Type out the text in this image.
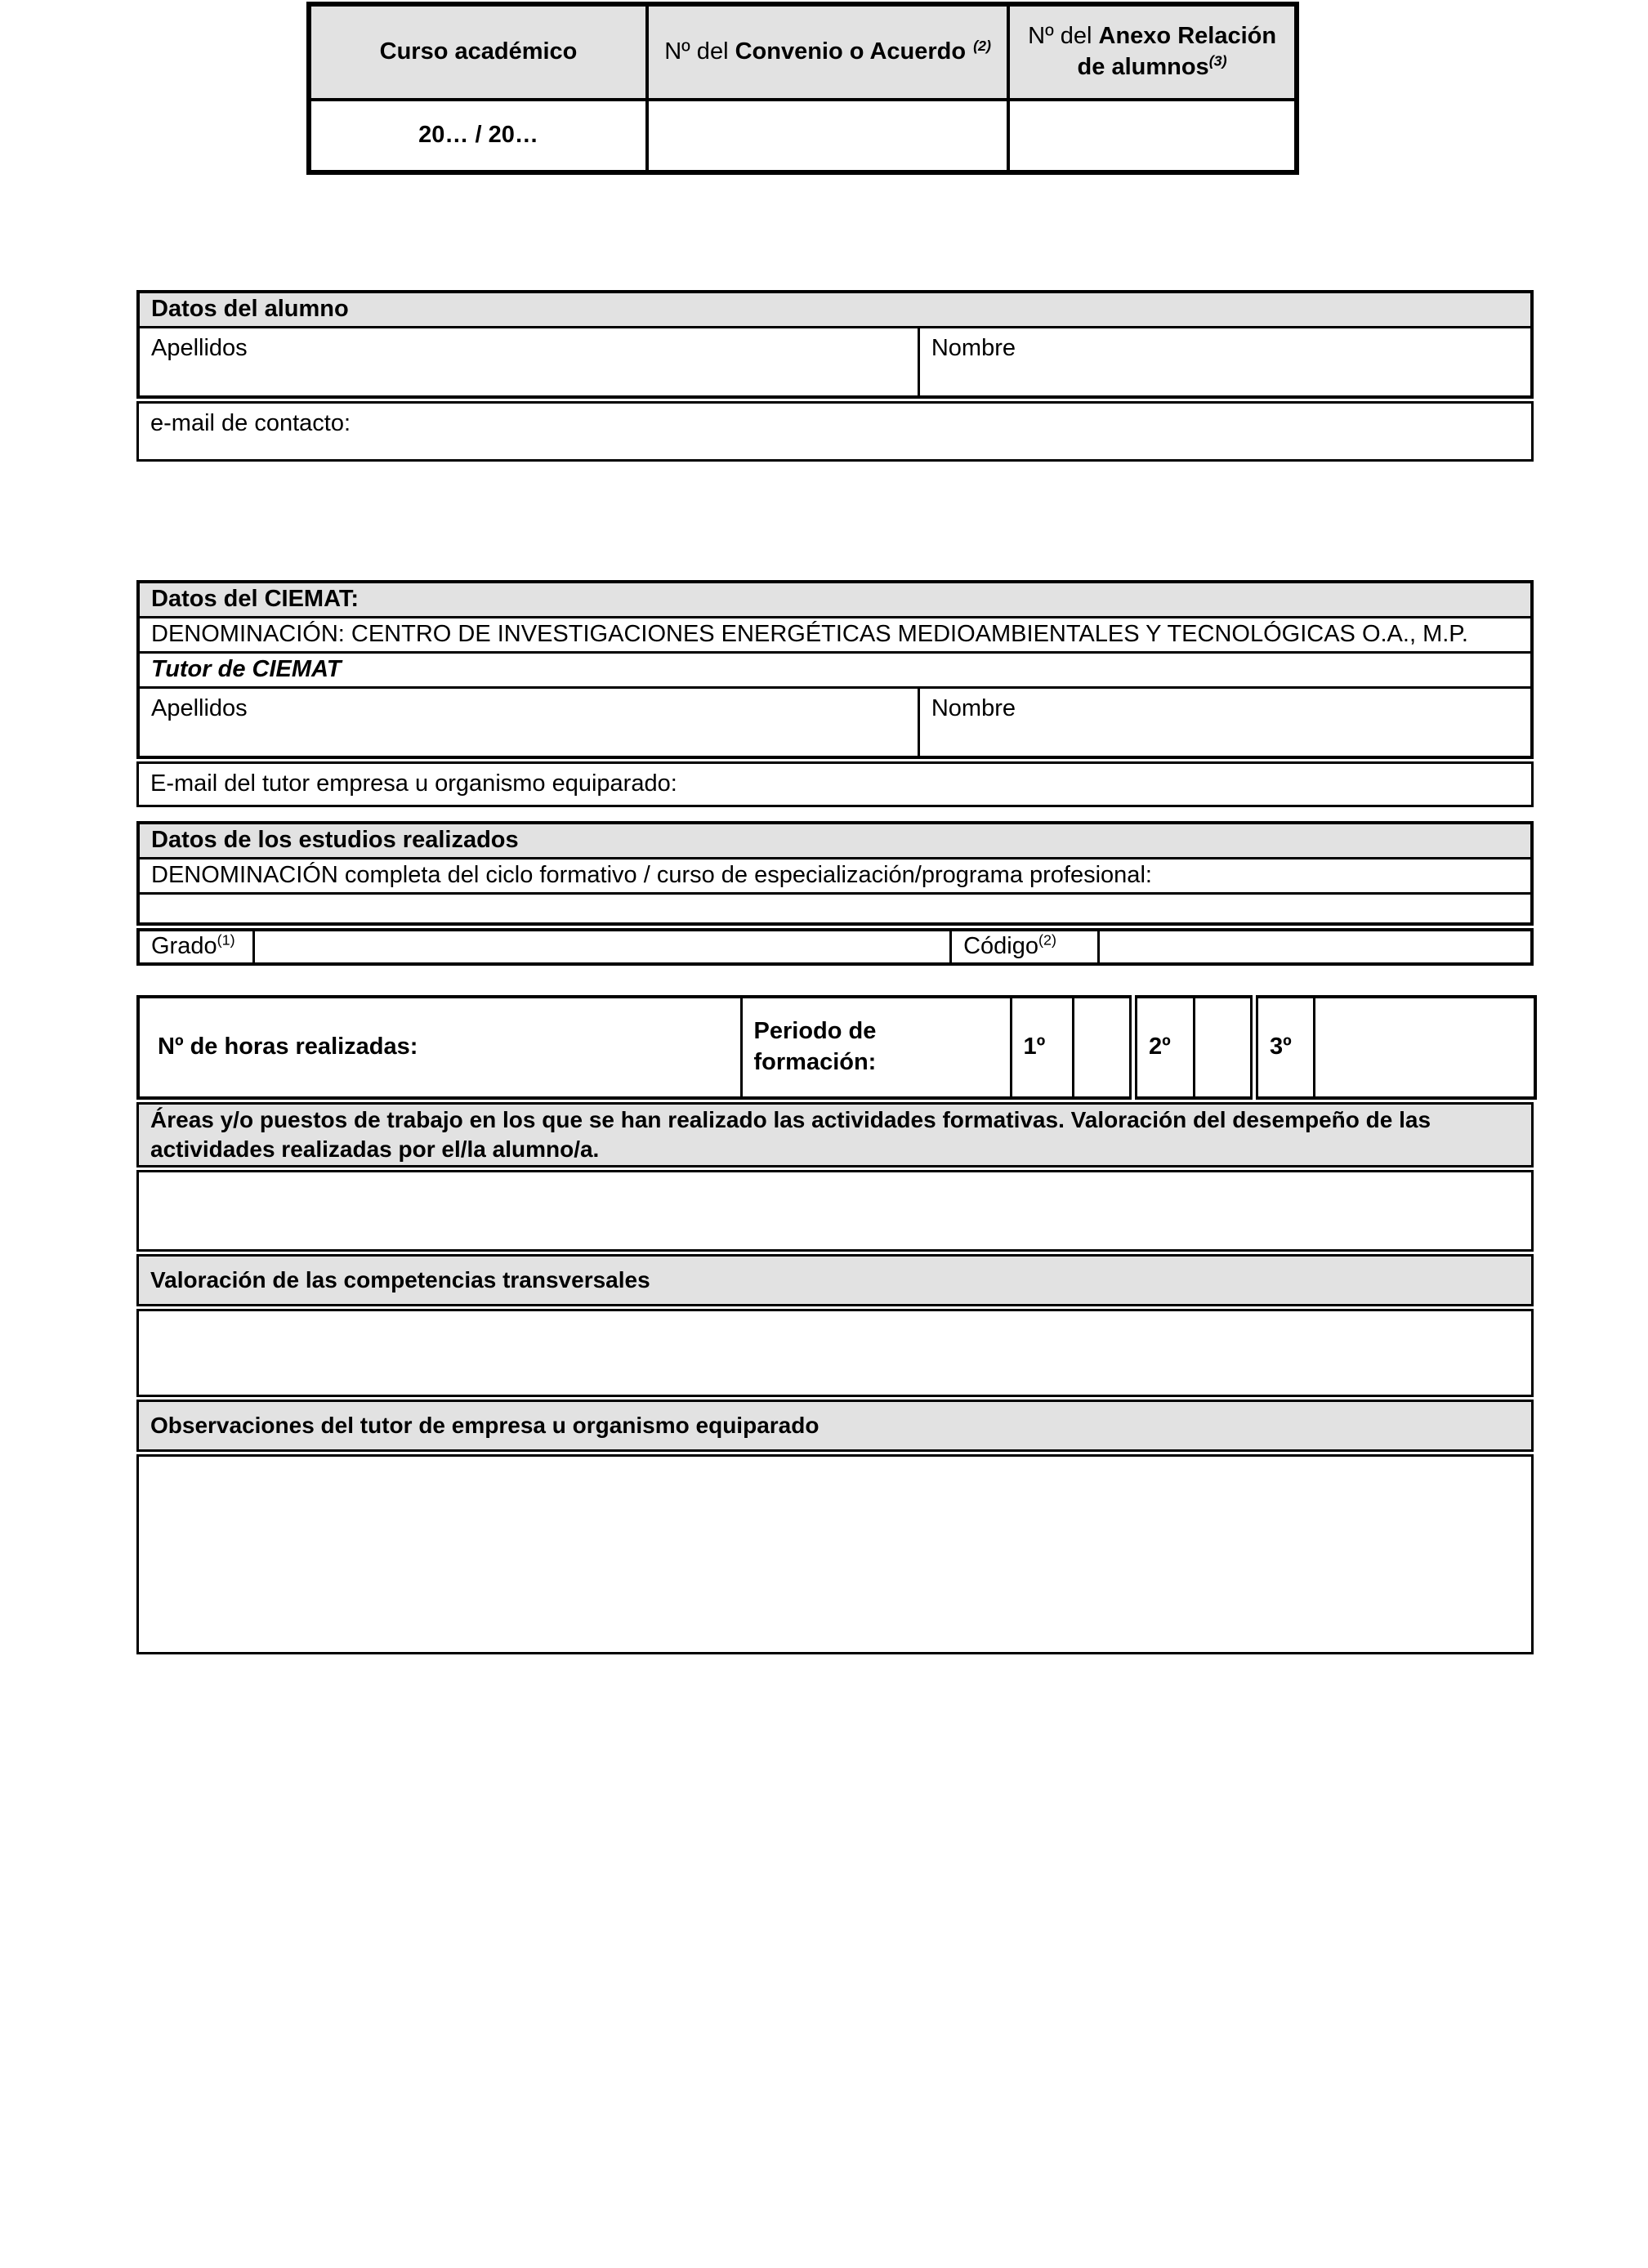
Curso académico	Nº del Convenio o Acuerdo $^{(2)}$	Nº del Anexo Relación de alumnos$^{(3)}$
20… / 20…		
Datos del alumno
Apellidos	Nombre
e-mail de contacto:
Datos del CIEMAT:
DENOMINACIÓN: CENTRO DE INVESTIGACIONES ENERGÉTICAS MEDIOAMBIENTALES Y TECNOLÓGICAS O.A., M.P.
Tutor de CIEMAT
Apellidos	Nombre
E-mail del tutor empresa u organismo equiparado:
Datos de los estudios realizados
DENOMINACIÓN completa del ciclo formativo / curso de especialización/programa profesional:

Grado$^{(1)}$		Código$^{(2)}$	
Nº de horas realizadas:	Periodo de formación:	1º		2º		3º	
Áreas y/o puestos de trabajo en los que se han realizado las actividades formativas. Valoración del desempeño de las actividades realizadas por el/la alumno/a.
Valoración de las competencias transversales
Observaciones del tutor de empresa u organismo equiparado
